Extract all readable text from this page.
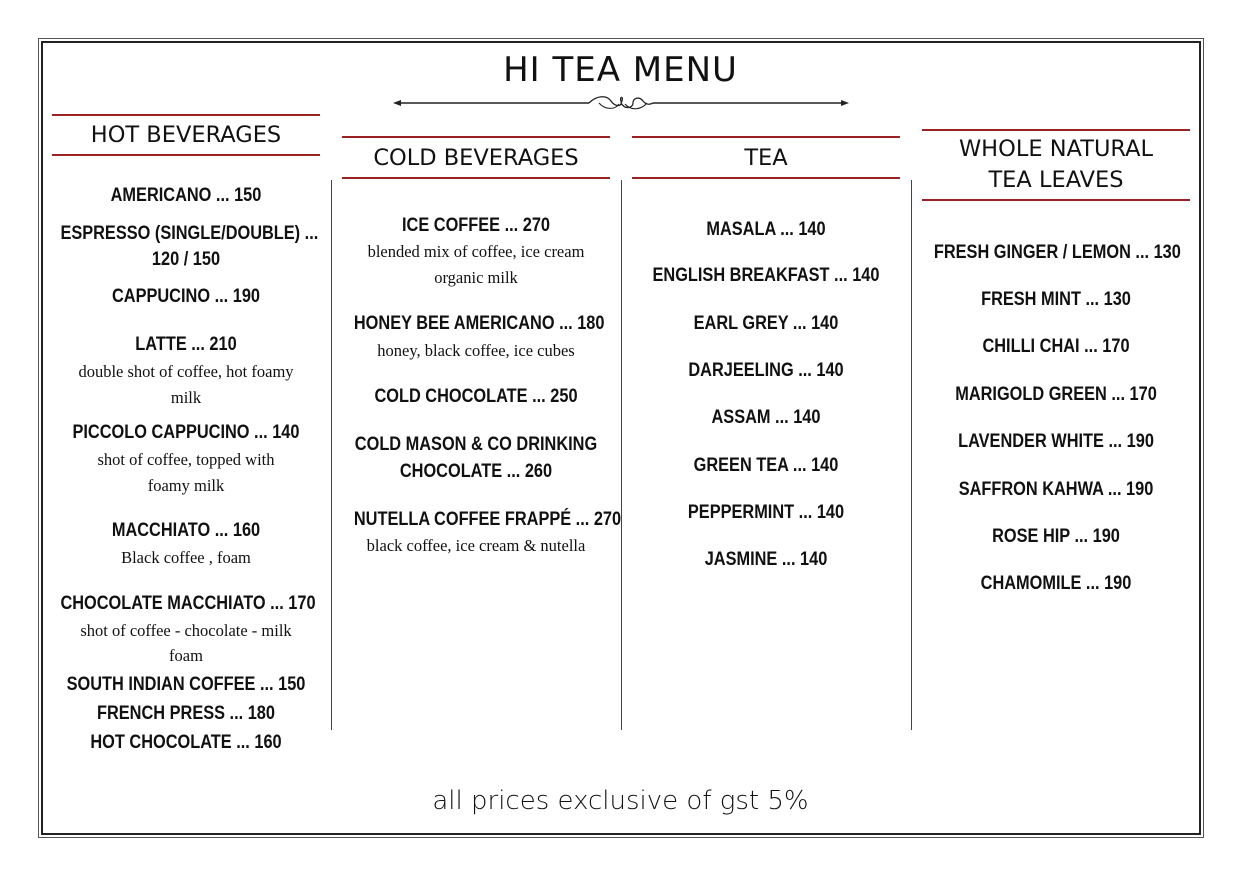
HI TEA MENU
HOT BEVERAGES
COLD BEVERAGES	TEA	WHOLE NATURAL
TEA LEAVES
AMERICANO ... 150
ESPRESSO (SINGLE/DOUBLE) ...
120 / 150
CAPPUCINO ... 190
LATTE ... 210
double shot of coffee, hot foamy
milk
PICCOLO CAPPUCINO ... 140
shot of coffee, topped with
foamy milk
MACCHIATO ... 160
Black coffee , foam
CHOCOLATE MACCHIATO ... 170
shot of coffee - chocolate - milk
foam
SOUTH INDIAN COFFEE ... 150
FRENCH PRESS ... 180
HOT CHOCOLATE ... 160
ICE COFFEE ... 270
blended mix of coffee, ice cream
organic milk
HONEY BEE AMERICANO ... 180
honey, black coffee, ice cubes
COLD CHOCOLATE ... 250
COLD MASON & CO DRINKING
CHOCOLATE ... 260
NUTELLA COFFEE FRAPPÉ ... 270
black coffee, ice cream & nutella
MASALA ... 140
ENGLISH BREAKFAST ... 140
EARL GREY ... 140
DARJEELING ... 140
ASSAM ... 140
GREEN TEA ... 140
PEPPERMINT ... 140
JASMINE ... 140
FRESH GINGER / LEMON ... 130
FRESH MINT ... 130
CHILLI CHAI ... 170
MARIGOLD GREEN ... 170
LAVENDER WHITE ... 190
SAFFRON KAHWA ... 190
ROSE HIP ... 190
CHAMOMILE ... 190
all prices exclusive of gst 5%
